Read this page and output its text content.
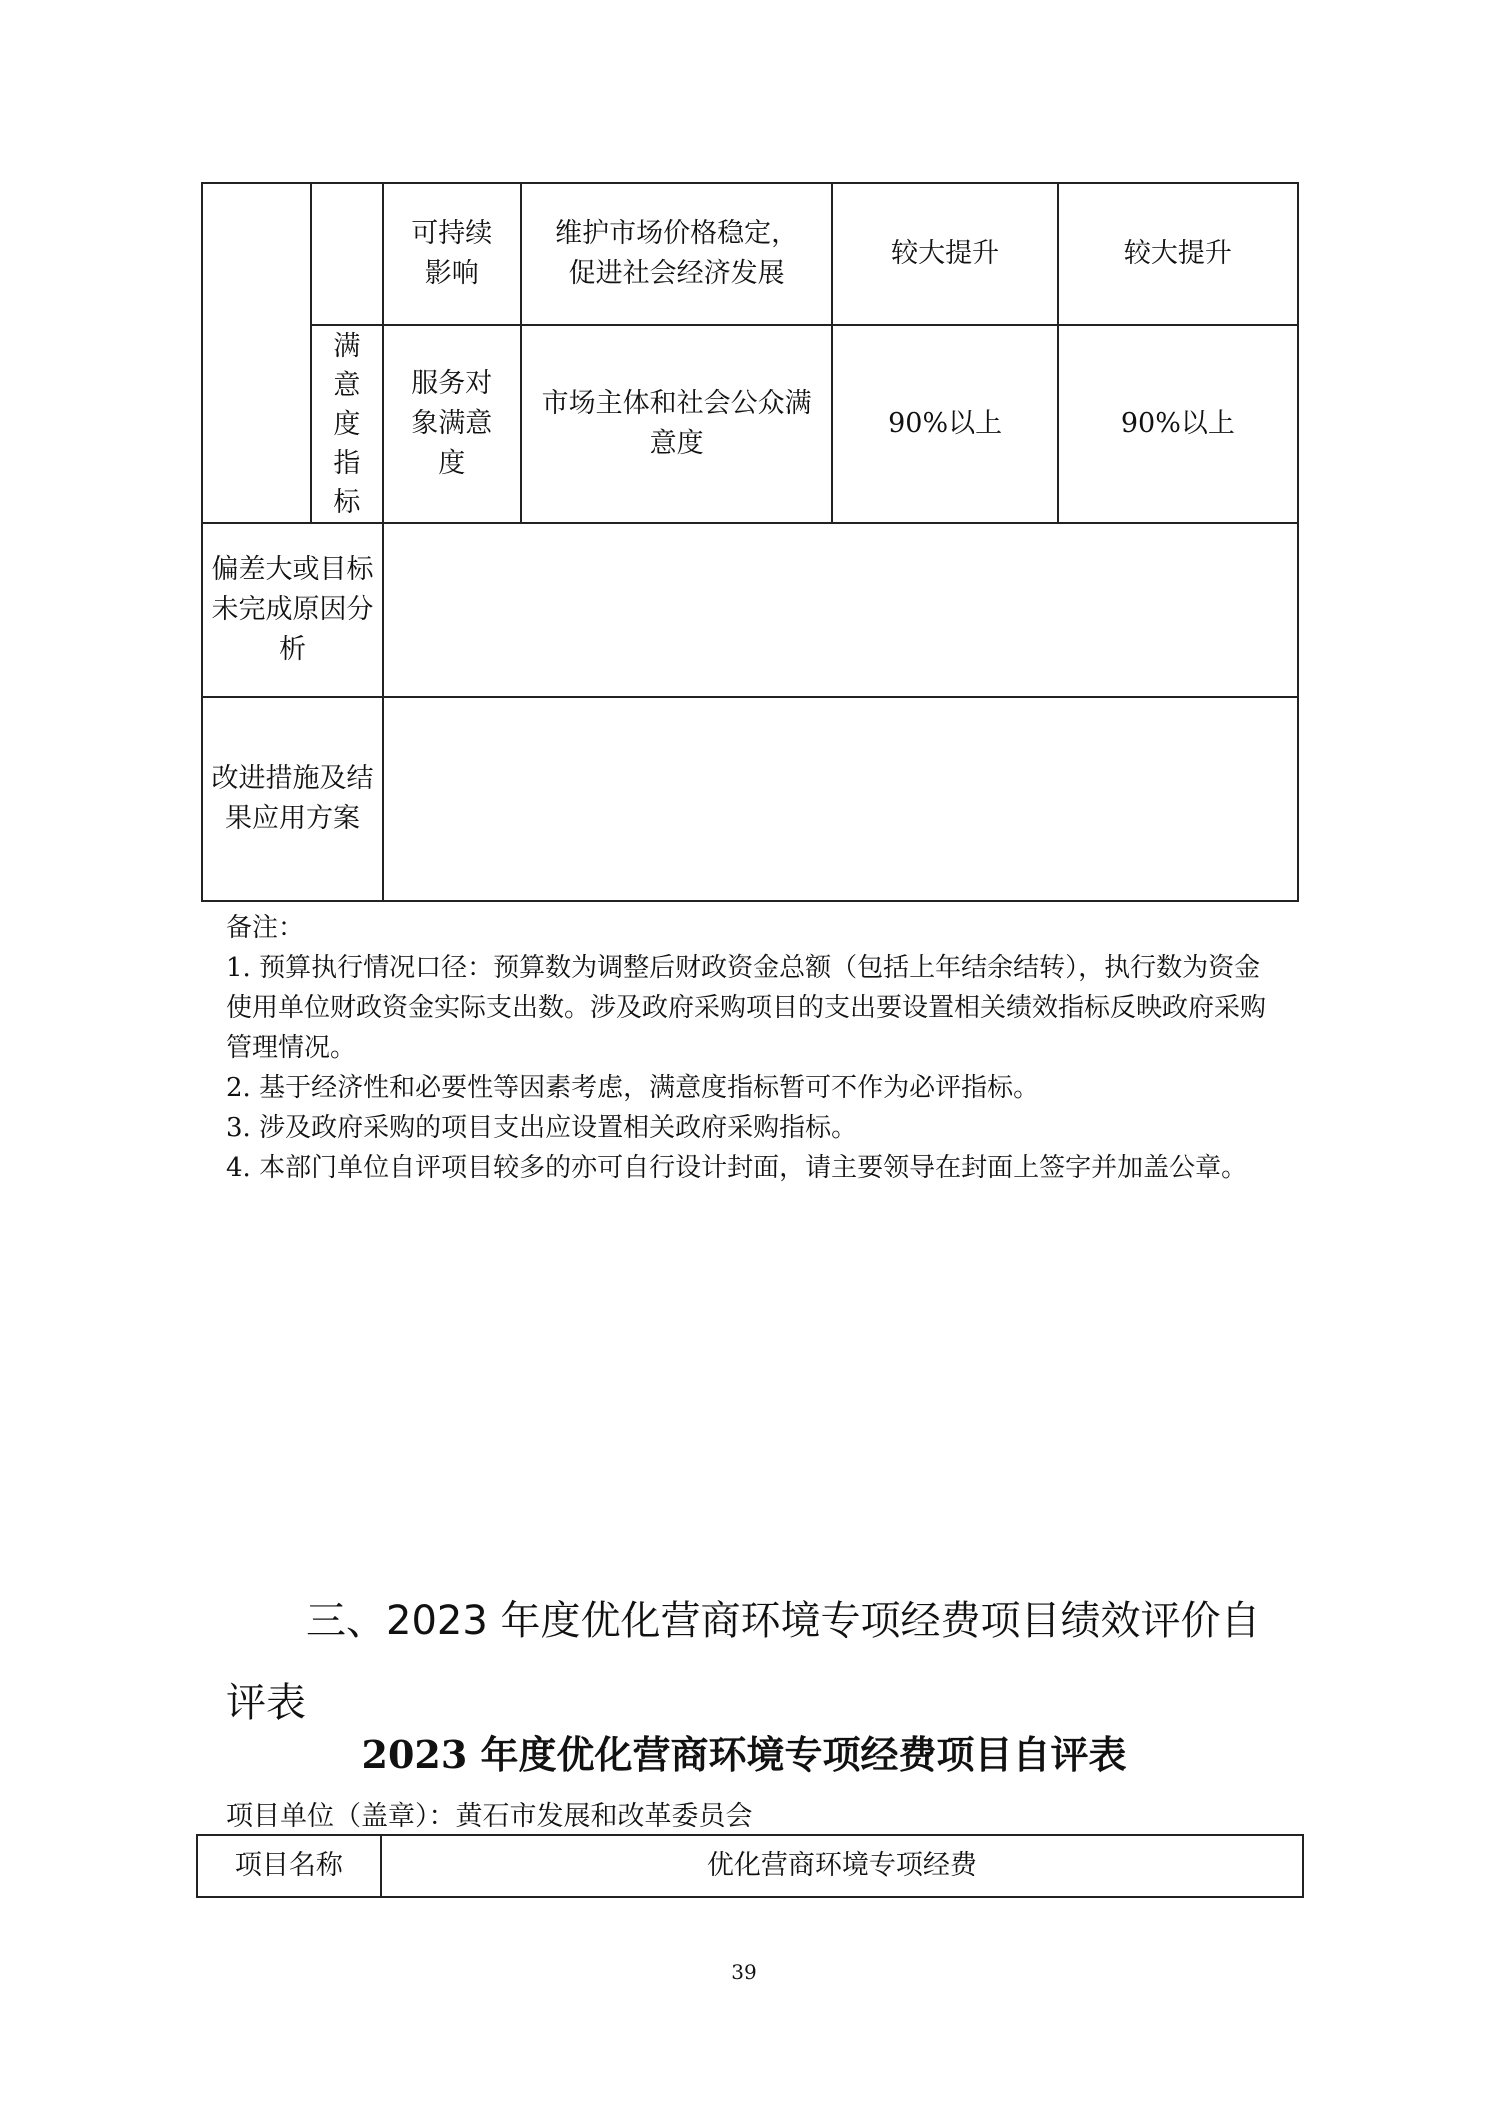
		可持续影响	维护市场价格稳定，促进社会经济发展	较大提升	较大提升

	满意度指标	服务对象满意度	市场主体和社会公众满意度	90%以上	90%以上

偏差大或目标未完成原因分析					

改进措施及结果应用方案					

备注：
1. 预算执行情况口径：预算数为调整后财政资金总额（包括上年结余结转），执行数为资金使用单位财政资金实际支出数。涉及政府采购项目的支出要设置相关绩效指标反映政府采购管理情况。
2. 基于经济性和必要性等因素考虑，满意度指标暂可不作为必评指标。
3. 涉及政府采购的项目支出应设置相关政府采购指标。
4. 本部门单位自评项目较多的亦可自行设计封面，请主要领导在封面上签字并加盖公章。
三、2023 年度优化营商环境专项经费项目绩效评价自评表
2023 年度优化营商环境专项经费项目自评表
项目单位（盖章）：黄石市发展和改革委员会
项目名称	优化营商环境专项经费
39
